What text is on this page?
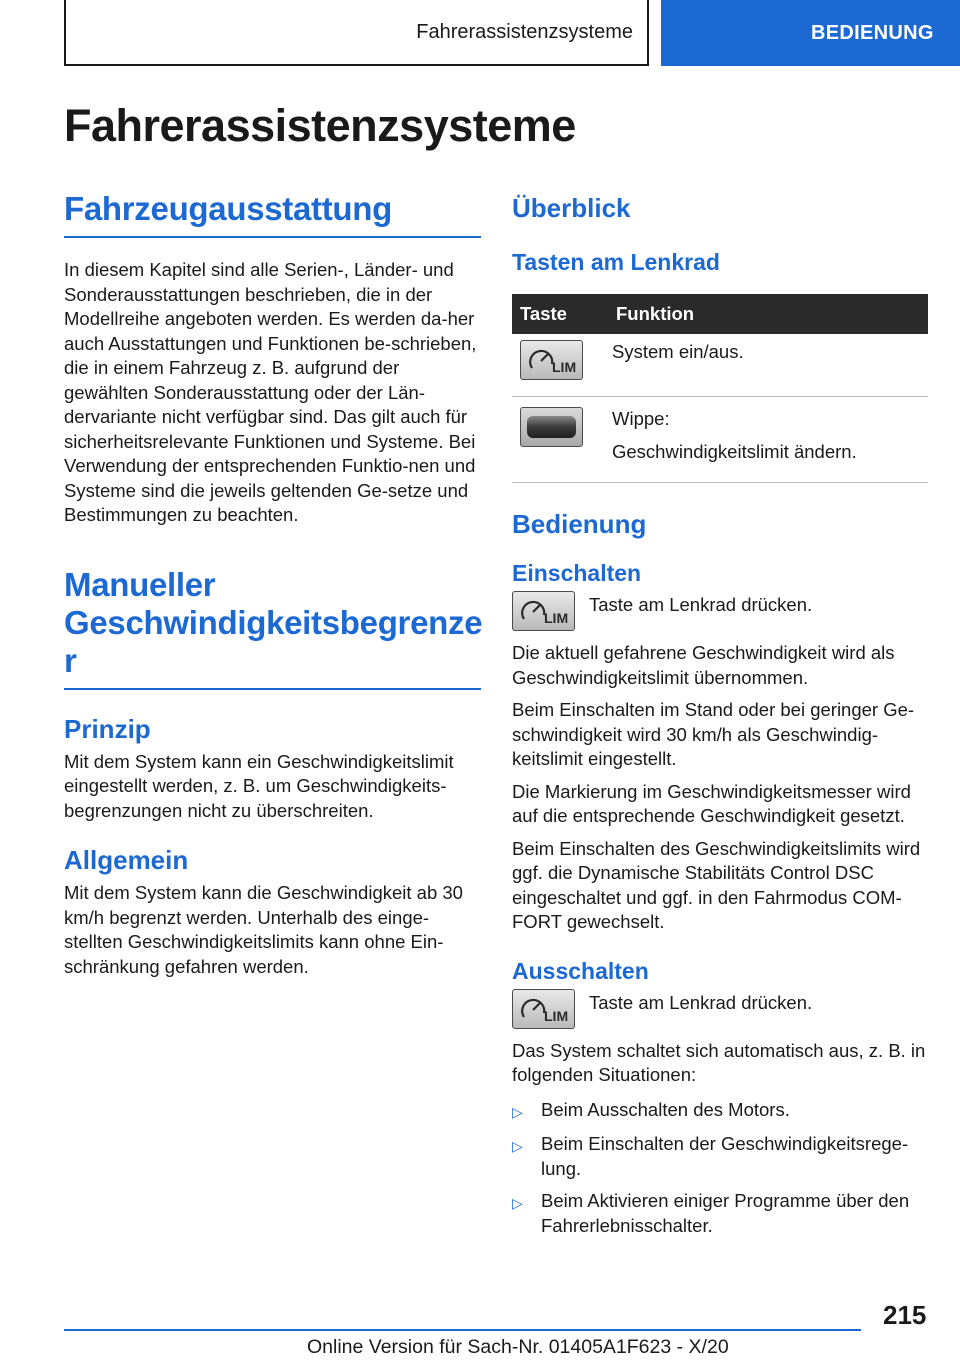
Fahrerassistenzsysteme	BEDIENUNG
Fahrerassistenzsysteme
Fahrzeugausstattung

In diesem Kapitel sind alle Serien-, Länder- und Sonderausstattungen beschrieben, die in der Modellreihe angeboten werden. Es werden da-her auch Ausstattungen und Funktionen be-schrieben, die in einem Fahrzeug z. B. aufgrund der gewählten Sonderausstattung oder der Län-dervariante nicht verfügbar sind. Das gilt auch für sicherheitsrelevante Funktionen und Systeme. Bei Verwendung der entsprechenden Funktio-nen und Systeme sind die jeweils geltenden Ge-setze und Bestimmungen zu beachten.

Manueller Geschwindigkeitsbegrenze r
Prinzip

Mit dem System kann ein Geschwindigkeitslimit eingestellt werden, z. B. um Geschwindigkeits-begrenzungen nicht zu überschreiten.

Allgemein

Mit dem System kann die Geschwindigkeit ab 30 km/h begrenzt werden. Unterhalb des einge-stellten Geschwindigkeitslimits kann ohne Ein-schränkung gefahren werden.

Überblick
Tasten am Lenkrad
Taste	Funktion

LIM	System ein/aus.

	Wippe:

Geschwindigkeitslimit ändern.

Bedienung
Einschalten
LIM

Taste am Lenkrad drücken.

Die aktuell gefahrene Geschwindigkeit wird als Geschwindigkeitslimit übernommen.

Beim Einschalten im Stand oder bei geringer Ge-schwindigkeit wird 30 km/h als Geschwindig-keitslimit eingestellt.

Die Markierung im Geschwindigkeitsmesser wird auf die entsprechende Geschwindigkeit gesetzt.

Beim Einschalten des Geschwindigkeitslimits wird ggf. die Dynamische Stabilitäts Control DSC eingeschaltet und ggf. in den Fahrmodus COM-FORT gewechselt.

Ausschalten
LIM

Taste am Lenkrad drücken.

Das System schaltet sich automatisch aus, z. B. in folgenden Situationen:

▷ Beim Ausschalten des Motors.
▷ Beim Einschalten der Geschwindigkeitsrege-lung.
▷ Beim Aktivieren einiger Programme über den Fahrerlebnisschalter.
215
Online Version für Sach-Nr. 01405A1F623 - X/20
